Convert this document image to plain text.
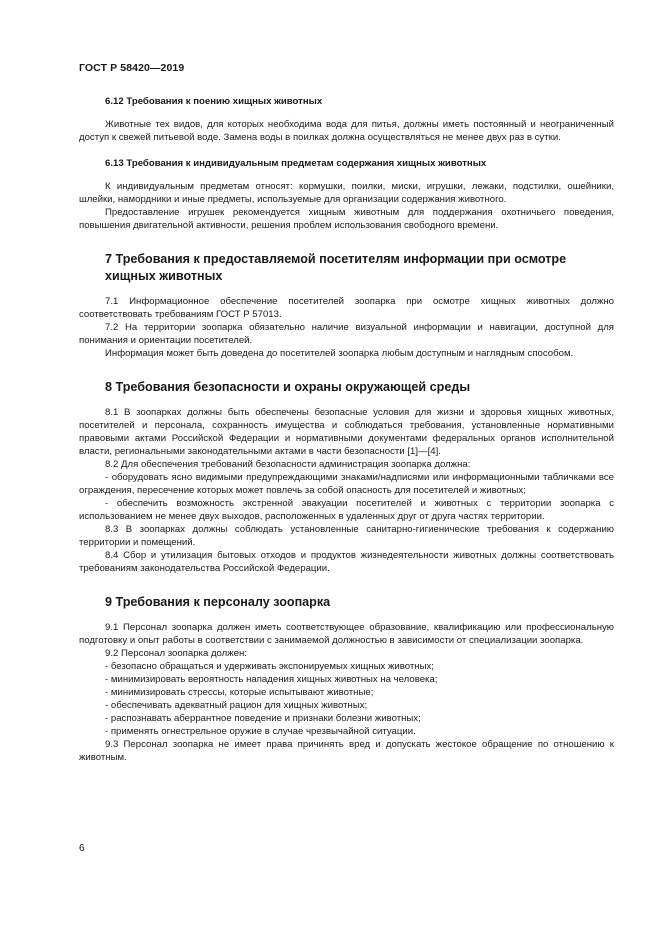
ГОСТ Р 58420—2019
6.12 Требования к поению хищных животных

Животные тех видов, для которых необходима вода для питья, должны иметь постоянный и неограниченный доступ к свежей питьевой воде. Замена воды в поилках должна осуществляться не менее двух раз в сутки.

6.13 Требования к индивидуальным предметам содержания хищных животных

К индивидуальным предметам относят: кормушки, поилки, миски, игрушки, лежаки, подстилки, ошейники, шлейки, намордники и иные предметы, используемые для организации содержания животного.

Предоставление игрушек рекомендуется хищным животным для поддержания охотничьего поведения, повышения двигательной активности, решения проблем использования свободного времени.

7 Требования к предоставляемой посетителям информации при осмотре хищных животных

7.1 Информационное обеспечение посетителей зоопарка при осмотре хищных животных должно соответствовать требованиям ГОСТ Р 57013.

7.2 На территории зоопарка обязательно наличие визуальной информации и навигации, доступной для понимания и ориентации посетителей.

Информация может быть доведена до посетителей зоопарка любым доступным и наглядным способом.

8 Требования безопасности и охраны окружающей среды

8.1 В зоопарках должны быть обеспечены безопасные условия для жизни и здоровья хищных животных, посетителей и персонала, сохранность имущества и соблюдаться требования, установленные нормативными правовыми актами Российской Федерации и нормативными документами федеральных органов исполнительной власти, региональными законодательными актами в части безопасности [1]—[4].

8.2 Для обеспечения требований безопасности администрация зоопарка должна:

- оборудовать ясно видимыми предупреждающими знаками/надписями или информационными табличками все ограждения, пересечение которых может повлечь за собой опасность для посетителей и животных;

- обеспечить возможность экстренной эвакуации посетителей и животных с территории зоопарка с использованием не менее двух выходов, расположенных в удаленных друг от друга частях территории.

8.3 В зоопарках должны соблюдать установленные санитарно-гигиенические требования к содержанию территории и помещений.

8.4 Сбор и утилизация бытовых отходов и продуктов жизнедеятельности животных должны соответствовать требованиям законодательства Российской Федерации.

9 Требования к персоналу зоопарка

9.1 Персонал зоопарка должен иметь соответствующее образование, квалификацию или профессиональную подготовку и опыт работы в соответствии с занимаемой должностью в зависимости от специализации зоопарка.

9.2 Персонал зоопарка должен:

- безопасно обращаться и удерживать экспонируемых хищных животных;

- минимизировать вероятность нападения хищных животных на человека;

- минимизировать стрессы, которые испытывают животные;

- обеспечивать адекватный рацион для хищных животных;

- распознавать аберрантное поведение и признаки болезни животных;

- применять огнестрельное оружие в случае чрезвычайной ситуации.

9.3 Персонал зоопарка не имеет права причинять вред и допускать жестокое обращение по отношению к животным.

6
